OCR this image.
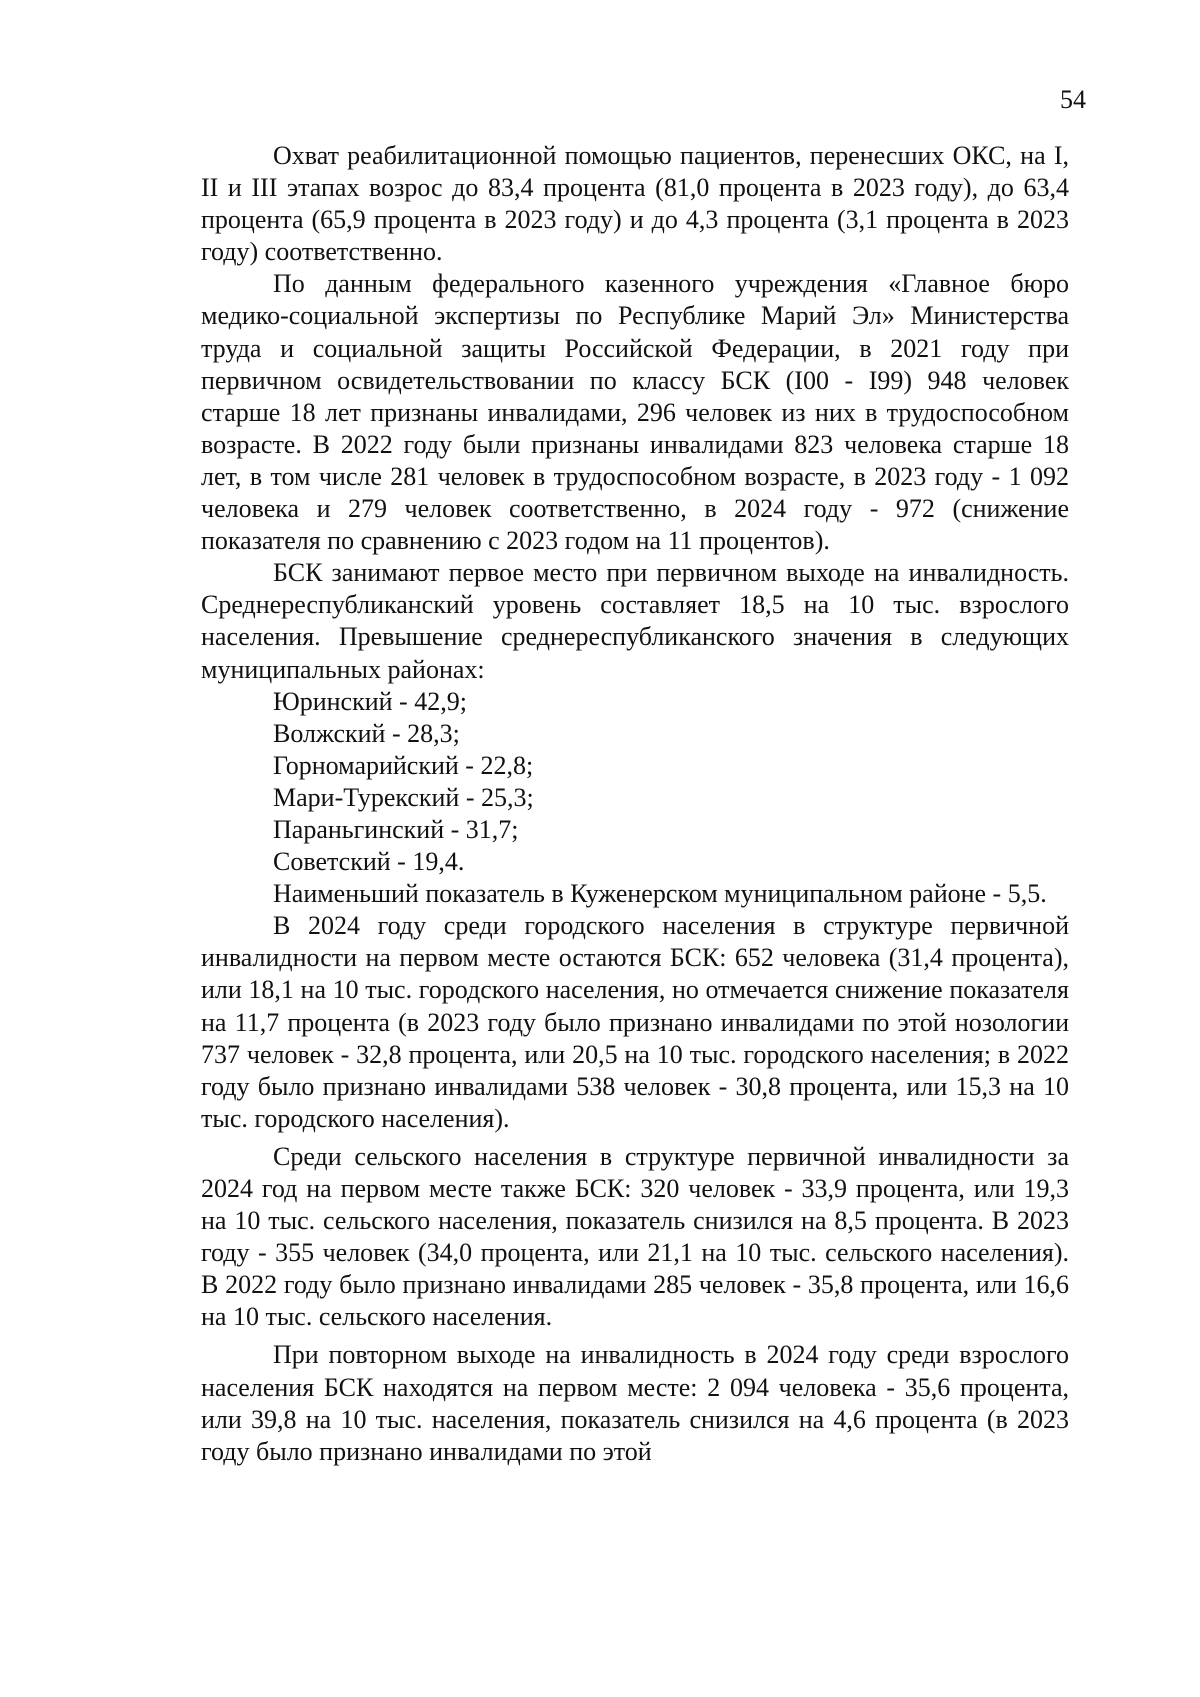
54

Охват реабилитационной помощью пациентов, перенесших ОКС, на I, II и III этапах возрос до 83,4 процента (81,0 процента в 2023 году), до 63,4 процента (65,9 процента в 2023 году) и до 4,3 процента (3,1 процента в 2023 году) соответственно.

По данным федерального казенного учреждения «Главное бюро медико-социальной экспертизы по Республике Марий Эл» Министерства труда и социальной защиты Российской Федерации, в 2021 году при первичном освидетельствовании по классу БСК (I00 - I99) 948 человек старше 18 лет признаны инвалидами, 296 человек из них в трудоспособном возрасте. В 2022 году были признаны инвалидами 823 человека старше 18 лет, в том числе 281 человек в трудоспособном возрасте, в 2023 году - 1 092 человека и 279 человек соответственно, в 2024 году - 972 (снижение показателя по сравнению с 2023 годом на 11 процентов).

БСК занимают первое место при первичном выходе на инвалидность. Среднереспубликанский уровень составляет 18,5 на 10 тыс. взрослого населения. Превышение среднереспубликанского значения в следующих муниципальных районах:

Юринский - 42,9;
Волжский - 28,3;
Горномарийский - 22,8;
Мари-Турекский - 25,3;
Параньгинский - 31,7;
Советский - 19,4.

Наименьший показатель в Куженерском муниципальном районе - 5,5.

В 2024 году среди городского населения в структуре первичной инвалидности на первом месте остаются БСК: 652 человека (31,4 процента), или 18,1 на 10 тыс. городского населения, но отмечается снижение показателя на 11,7 процента (в 2023 году было признано инвалидами по этой нозологии 737 человек - 32,8 процента, или 20,5 на 10 тыс. городского населения; в 2022 году было признано инвалидами 538 человек - 30,8 процента, или 15,3 на 10 тыс. городского населения).

Среди сельского населения в структуре первичной инвалидности за 2024 год на первом месте также БСК: 320 человек - 33,9 процента, или 19,3 на 10 тыс. сельского населения, показатель снизился на 8,5 процента. В 2023 году - 355 человек (34,0 процента, или 21,1 на 10 тыс. сельского населения). В 2022 году было признано инвалидами 285 человек - 35,8 процента, или 16,6 на 10 тыс. сельского населения.

При повторном выходе на инвалидность в 2024 году среди взрослого населения БСК находятся на первом месте: 2 094 человека - 35,6 процента, или 39,8 на 10 тыс. населения, показатель снизился на 4,6 процента (в 2023 году было признано инвалидами по этой
